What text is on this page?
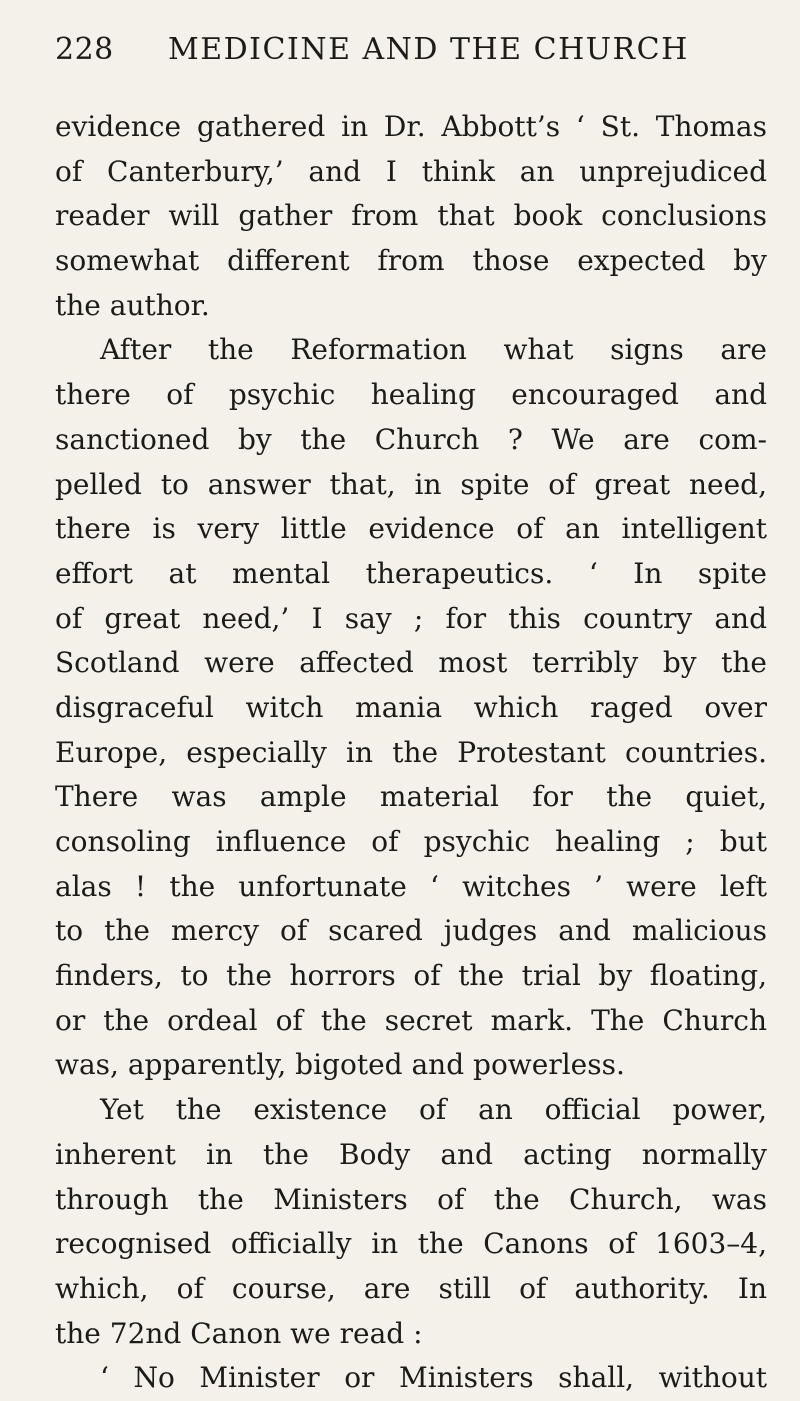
228 MEDICINE AND THE CHURCH
evidence gathered in Dr. Abbott’s ‘ St. Thomas
of Canterbury,’ and I think an unprejudiced
reader will gather from that book conclusions
somewhat different from those expected by
the author.
After the Reformation what signs are
there of psychic healing encouraged and
sanctioned by the Church ? We are com-
pelled to answer that, in spite of great need,
there is very little evidence of an intelligent
effort at mental therapeutics. ‘ In spite
of great need,’ I say ; for this country and
Scotland were affected most terribly by the
disgraceful witch mania which raged over
Europe, especially in the Protestant countries.
There was ample material for the quiet,
consoling influence of psychic healing ; but
alas ! the unfortunate ‘ witches ’ were left
to the mercy of scared judges and malicious
finders, to the horrors of the trial by floating,
or the ordeal of the secret mark. The Church
was, apparently, bigoted and powerless.
Yet the existence of an official power,
inherent in the Body and acting normally
through the Ministers of the Church, was
recognised officially in the Canons of 1603–4,
which, of course, are still of authority. In
the 72nd Canon we read :
‘ No Minister or Ministers shall, without
